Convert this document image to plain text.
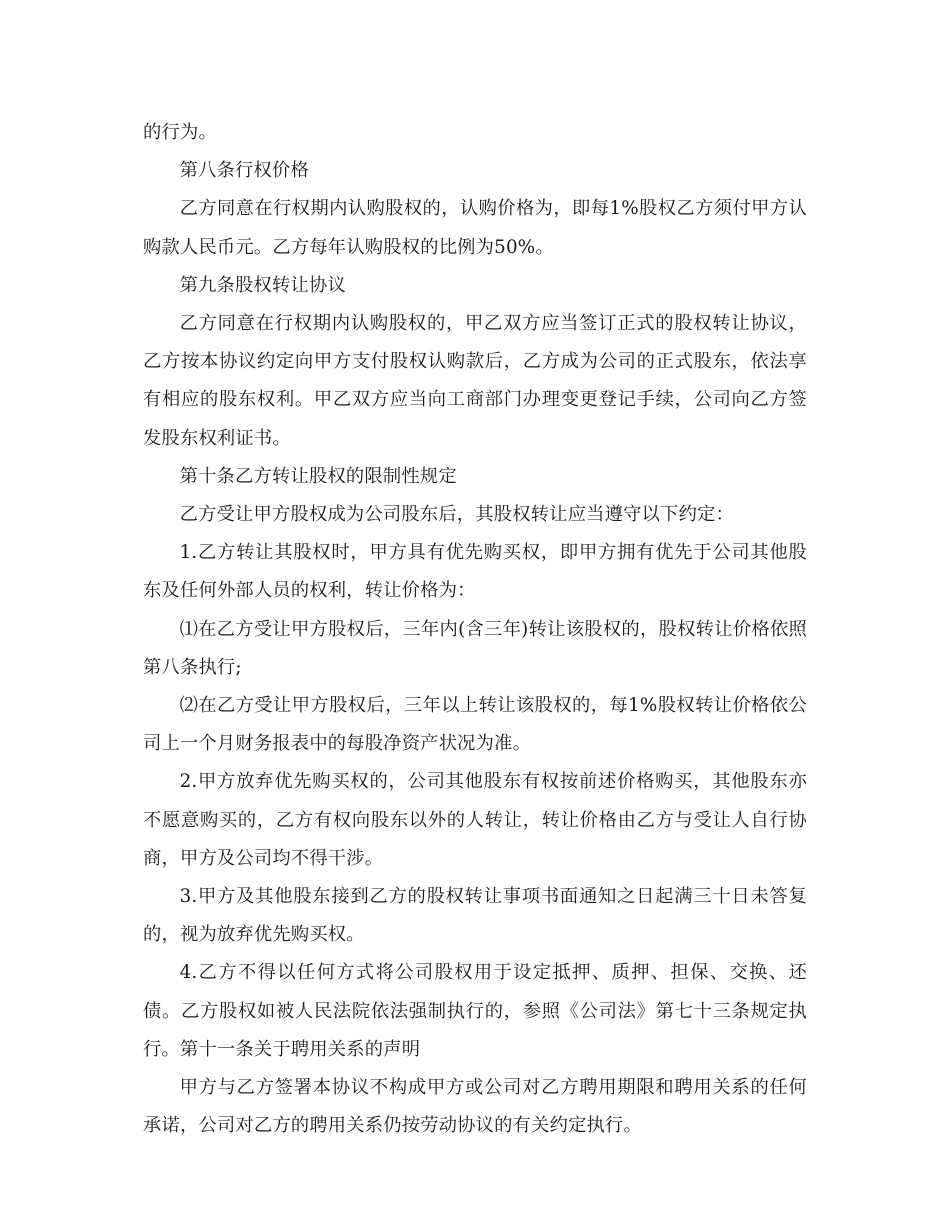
的行为。

第八条行权价格

乙方同意在行权期内认购股权的，认购价格为，即每1%股权乙方须付甲方认购款人民币元。乙方每年认购股权的比例为50%。

第九条股权转让协议

乙方同意在行权期内认购股权的，甲乙双方应当签订正式的股权转让协议，乙方按本协议约定向甲方支付股权认购款后，乙方成为公司的正式股东，依法享有相应的股东权利。甲乙双方应当向工商部门办理变更登记手续，公司向乙方签发股东权利证书。

第十条乙方转让股权的限制性规定

乙方受让甲方股权成为公司股东后，其股权转让应当遵守以下约定：

1.乙方转让其股权时，甲方具有优先购买权，即甲方拥有优先于公司其他股东及任何外部人员的权利，转让价格为：

⑴在乙方受让甲方股权后，三年内(含三年)转让该股权的，股权转让价格依照第八条执行;

⑵在乙方受让甲方股权后，三年以上转让该股权的，每1%股权转让价格依公司上一个月财务报表中的每股净资产状况为准。

2.甲方放弃优先购买权的，公司其他股东有权按前述价格购买，其他股东亦不愿意购买的，乙方有权向股东以外的人转让，转让价格由乙方与受让人自行协商，甲方及公司均不得干涉。

3.甲方及其他股东接到乙方的股权转让事项书面通知之日起满三十日未答复的，视为放弃优先购买权。

4.乙方不得以任何方式将公司股权用于设定抵押、质押、担保、交换、还债。乙方股权如被人民法院依法强制执行的，参照《公司法》第七十三条规定执行。第十一条关于聘用关系的声明

甲方与乙方签署本协议不构成甲方或公司对乙方聘用期限和聘用关系的任何承诺，公司对乙方的聘用关系仍按劳动协议的有关约定执行。
